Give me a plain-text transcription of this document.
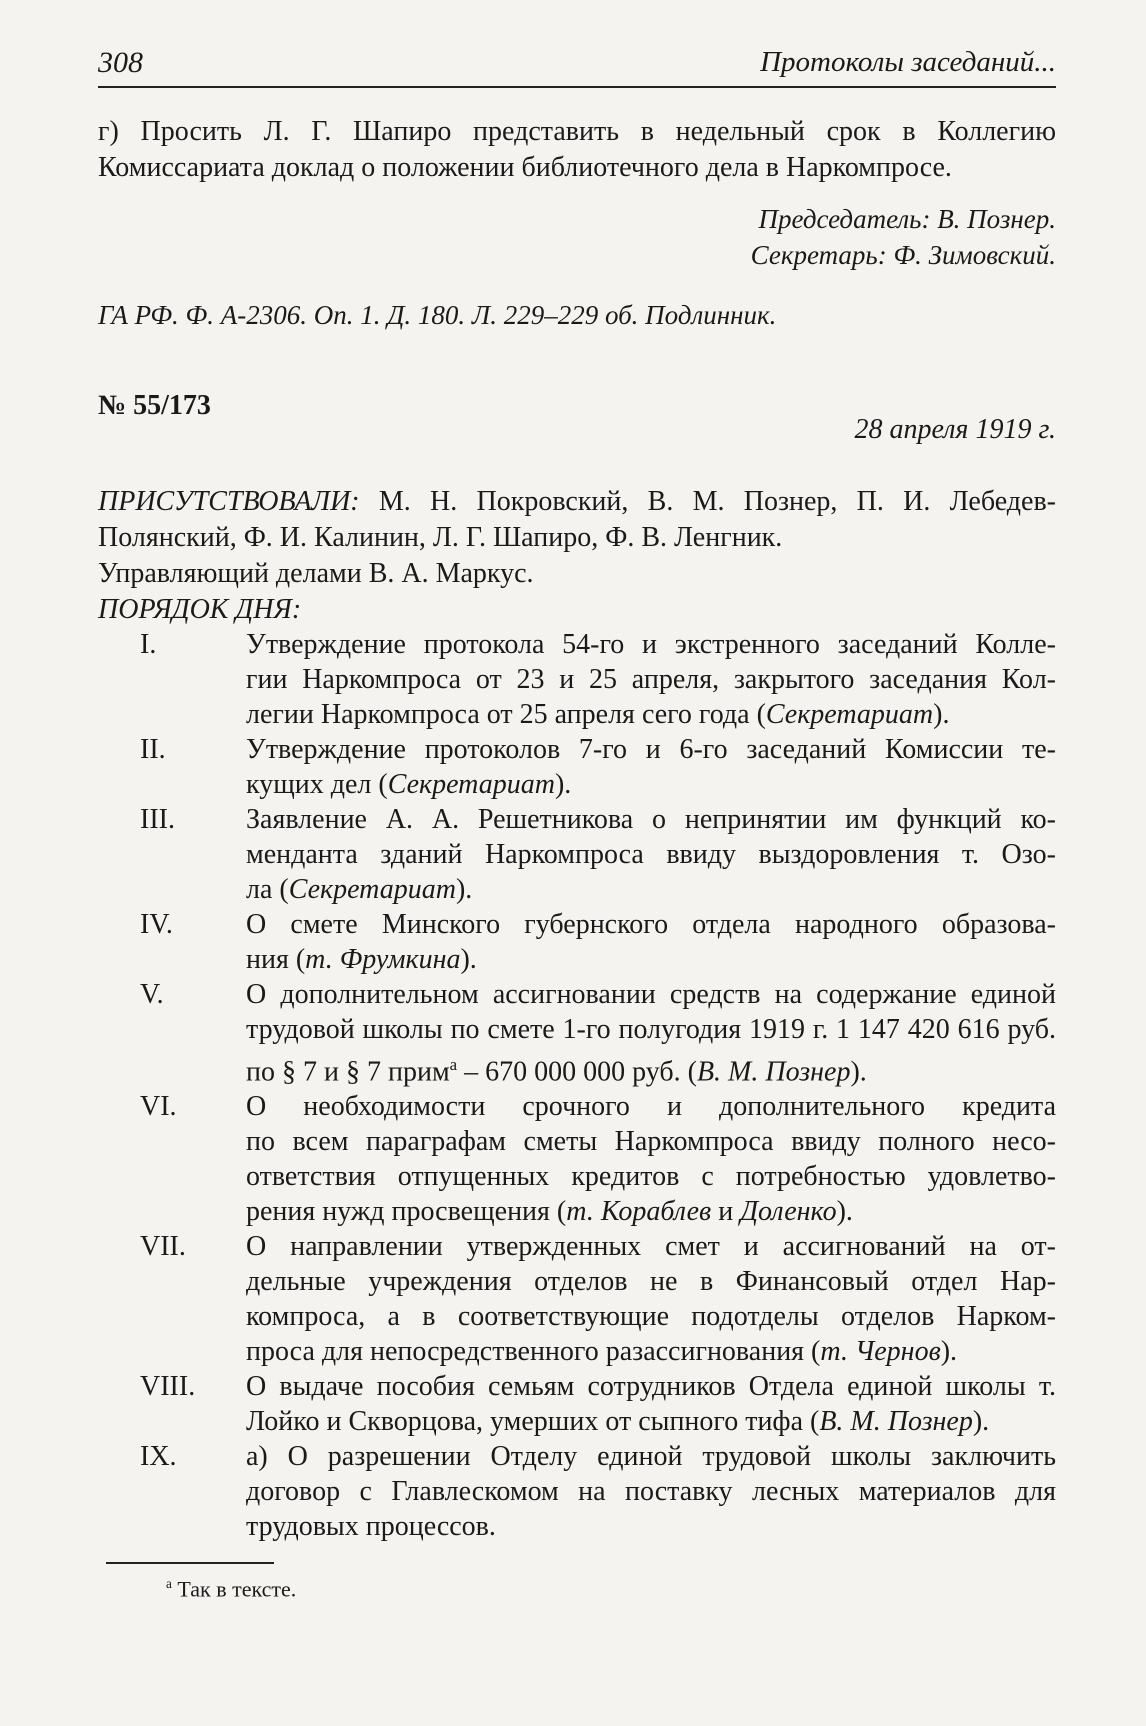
308	Протоколы заседаний...
г) Просить Л. Г. Шапиро представить в недельный срок в Коллегию
Комиссариата доклад о положении библиотечного дела в Наркомпросе.
Председатель: В. Познер.
Секретарь: Ф. Зимовский.
ГА РФ. Ф. А-2306. Оп. 1. Д. 180. Л. 229–229 об. Подлинник.
№ 55/173
28 апреля 1919 г.
ПРИСУТСТВОВАЛИ: М. Н. Покровский, В. М. Познер, П. И. Лебедев-
Полянский, Ф. И. Калинин, Л. Г. Шапиро, Ф. В. Ленгник.
Управляющий делами В. А. Маркус.
ПОРЯДОК ДНЯ:
I.	Утверждение протокола 54-го и экстренного заседаний Колле-
гии Наркомпроса от 23 и 25 апреля, закрытого заседания Кол-
легии Наркомпроса от 25 апреля сего года (Секретариат).
II.	Утверждение протоколов 7-го и 6-го заседаний Комиссии те-
кущих дел (Секретариат).
III.	Заявление А. А. Решетникова о непринятии им функций ко-
менданта зданий Наркомпроса ввиду выздоровления т. Озо-
ла (Секретариат).
IV.	О смете Минского губернского отдела народного образова-
ния (т. Фрумкина).
V.	О дополнительном ассигновании средств на содержание единой
трудовой школы по смете 1-го полугодия 1919 г. 1 147 420 616 руб.
по § 7 и § 7 прим$^а$ – 670 000 000 руб. (В. М. Познер).
VI. О необходимости срочного и дополнительного кредита
по всем параграфам сметы Наркомпроса ввиду полного несо-
ответствия отпущенных кредитов с потребностью удовлетво-
рения нужд просвещения (т. Кораблев и Доленко).
VII. О направлении утвержденных смет и ассигнований на от-
дельные учреждения отделов не в Финансовый отдел Нар-
компроса, а в соответствующие подотделы отделов Нарком-
проса для непосредственного разассигнования (т. Чернов).
VIII. О выдаче пособия семьям сотрудников Отдела единой школы т.
Лойко и Скворцова, умерших от сыпного тифа (В. М. Познер).
IX. а) О разрешении Отделу единой трудовой школы заключить
договор с Главлескомом на поставку лесных материалов для
трудовых процессов.
$^а$ Так в тексте.
